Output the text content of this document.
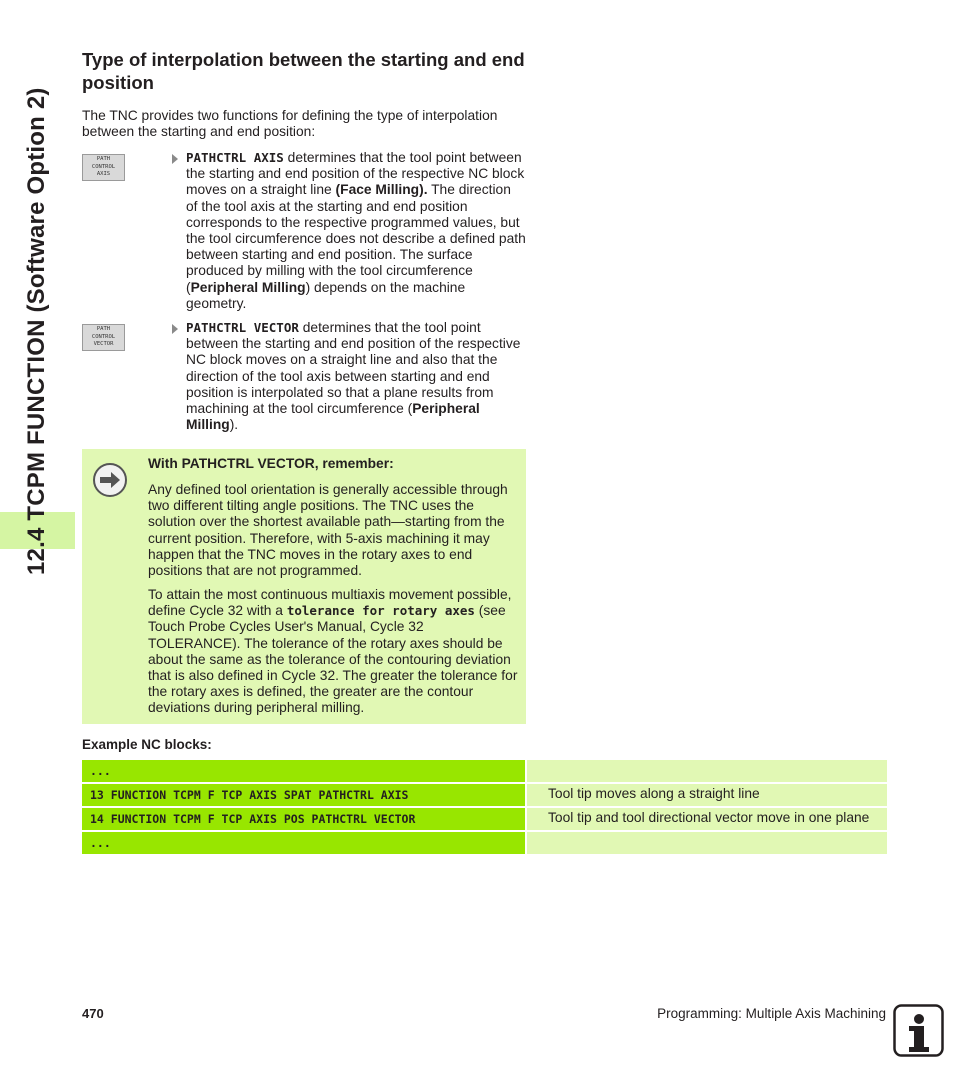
12.4 TCPM FUNCTION (Software Option 2)
Type of interpolation between the starting and end position

The TNC provides two functions for defining the type of interpolation between the starting and end position:

PATH
CONTROL
AXIS

PATHCTRL AXIS determines that the tool point between the starting and end position of the respective NC block moves on a straight line (Face Milling). The direction of the tool axis at the starting and end position corresponds to the respective programmed values, but the tool circumference does not describe a defined path between starting and end position. The surface produced by milling with the tool circumference (Peripheral Milling) depends on the machine geometry.

PATH
CONTROL
VECTOR

PATHCTRL VECTOR determines that the tool point between the starting and end position of the respective NC block moves on a straight line and also that the direction of the tool axis between starting and end position is interpolated so that a plane results from machining at the tool circumference (Peripheral Milling).

With PATHCTRL VECTOR, remember:

Any defined tool orientation is generally accessible through two different tilting angle positions. The TNC uses the solution over the shortest available path—starting from the current position. Therefore, with 5-axis machining it may happen that the TNC moves in the rotary axes to end positions that are not programmed.

To attain the most continuous multiaxis movement possible, define Cycle 32 with a tolerance for rotary axes (see Touch Probe Cycles User's Manual, Cycle 32 TOLERANCE). The tolerance of the rotary axes should be about the same as the tolerance of the contouring deviation that is also defined in Cycle 32. The greater the tolerance for the rotary axes is defined, the greater are the contour deviations during peripheral milling.

Example NC blocks:

...
13 FUNCTION TCPM F TCP AXIS SPAT PATHCTRL AXIS	Tool tip moves along a straight line
14 FUNCTION TCPM F TCP AXIS POS PATHCTRL VECTOR	Tool tip and tool directional vector move in one plane
...

470	Programming: Multiple Axis Machining
